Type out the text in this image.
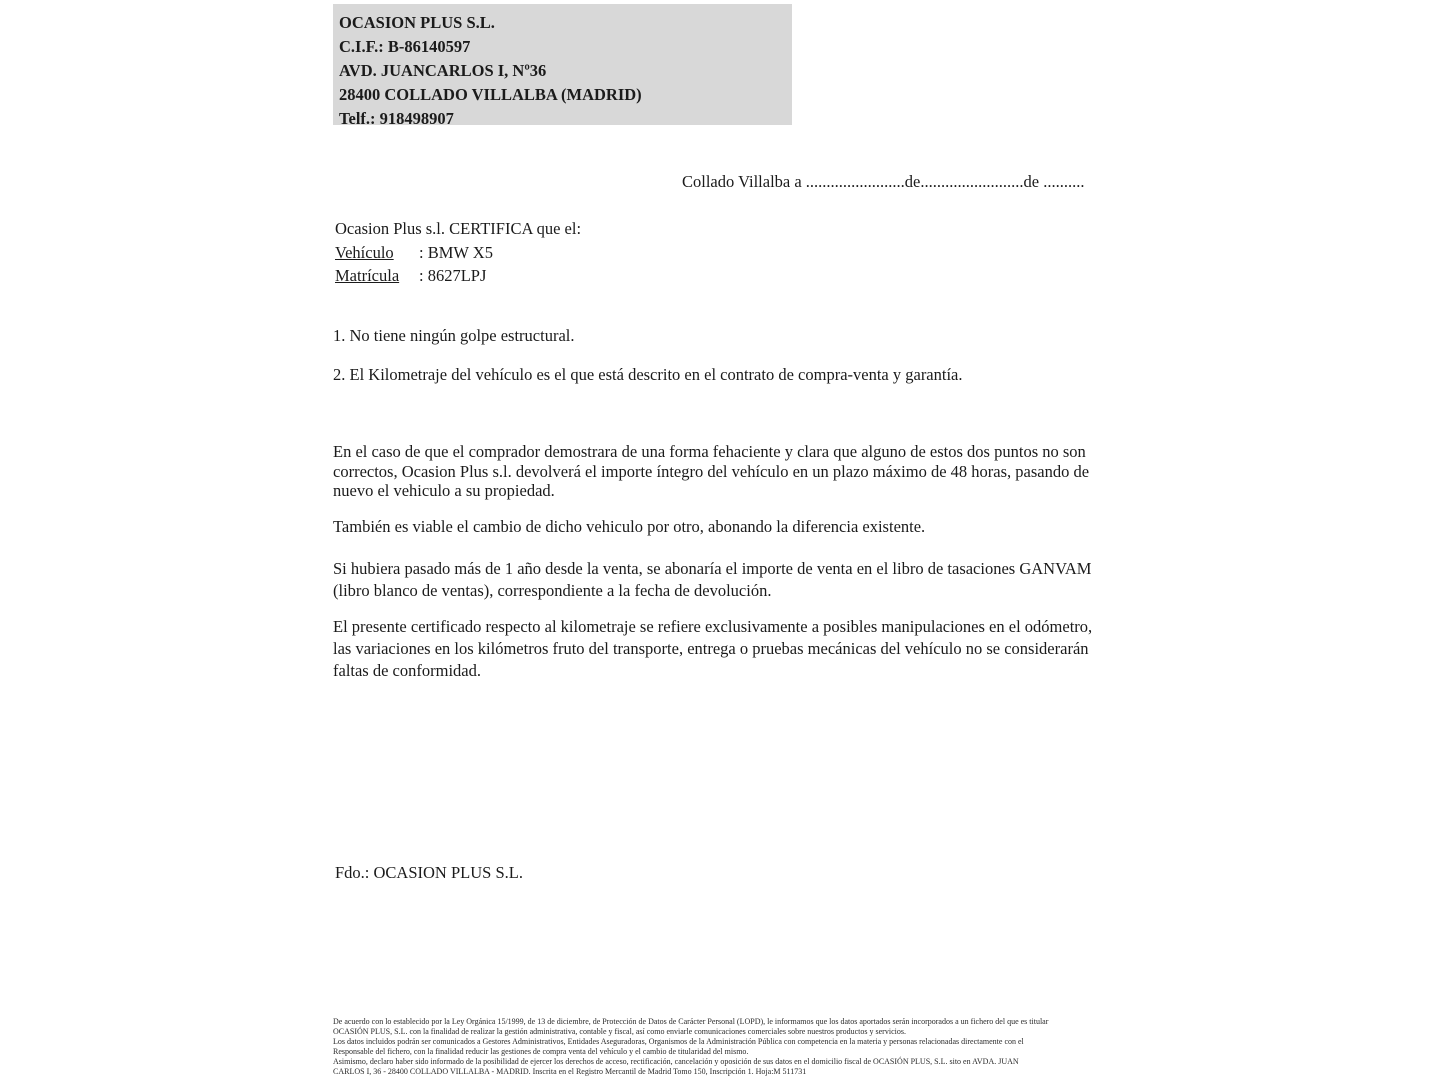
OCASION PLUS S.L.
C.I.F.: B-86140597
AVD. JUANCARLOS I, Nº36
28400 COLLADO VILLALBA (MADRID)
Telf.: 918498907
Collado Villalba a ........................de.........................de ..........
Ocasion Plus s.l. CERTIFICA que el:
Vehículo : BMW X5
Matrícula : 8627LPJ
1. No tiene ningún golpe estructural.
2. El Kilometraje del vehículo es el que está descrito en el contrato de compra-venta y garantía.
En el caso de que el comprador demostrara de una forma fehaciente y clara que alguno de estos dos puntos no son correctos, Ocasion Plus s.l. devolverá el importe íntegro del vehículo en un plazo máximo de 48 horas, pasando de nuevo el vehiculo a su propiedad.
También es viable el cambio de dicho vehiculo por otro, abonando la diferencia existente.
Si hubiera pasado más de 1 año desde la venta, se abonaría el importe de venta en el libro de tasaciones GANVAM (libro blanco de ventas), correspondiente a la fecha de devolución.
El presente certificado respecto al kilometraje se refiere exclusivamente a posibles manipulaciones en el odómetro, las variaciones en los kilómetros fruto del transporte, entrega o pruebas mecánicas del vehículo no se considerarán faltas de conformidad.
Fdo.: OCASION PLUS S.L.
De acuerdo con lo establecido por la Ley Orgánica 15/1999, de 13 de diciembre, de Protección de Datos de Carácter Personal (LOPD), le informamos que los datos aportados serán incorporados a un fichero del que es titular
OCASIÓN PLUS, S.L. con la finalidad de realizar la gestión administrativa, contable y fiscal, así como enviarle comunicaciones comerciales sobre nuestros productos y servicios.
Los datos incluidos podrán ser comunicados a Gestores Administrativos, Entidades Aseguradoras, Organismos de la Administración Pública con competencia en la materia y personas relacionadas directamente con el
Responsable del fichero, con la finalidad reducir las gestiones de compra venta del vehículo y el cambio de titularidad del mismo.
Asimismo, declaro haber sido informado de la posibilidad de ejercer los derechos de acceso, rectificación, cancelación y oposición de sus datos en el domicilio fiscal de OCASIÓN PLUS, S.L. sito en AVDA. JUAN
CARLOS I, 36 - 28400 COLLADO VILLALBA - MADRID. Inscrita en el Registro Mercantil de Madrid Tomo 150, Inscripción 1. Hoja:M 511731
